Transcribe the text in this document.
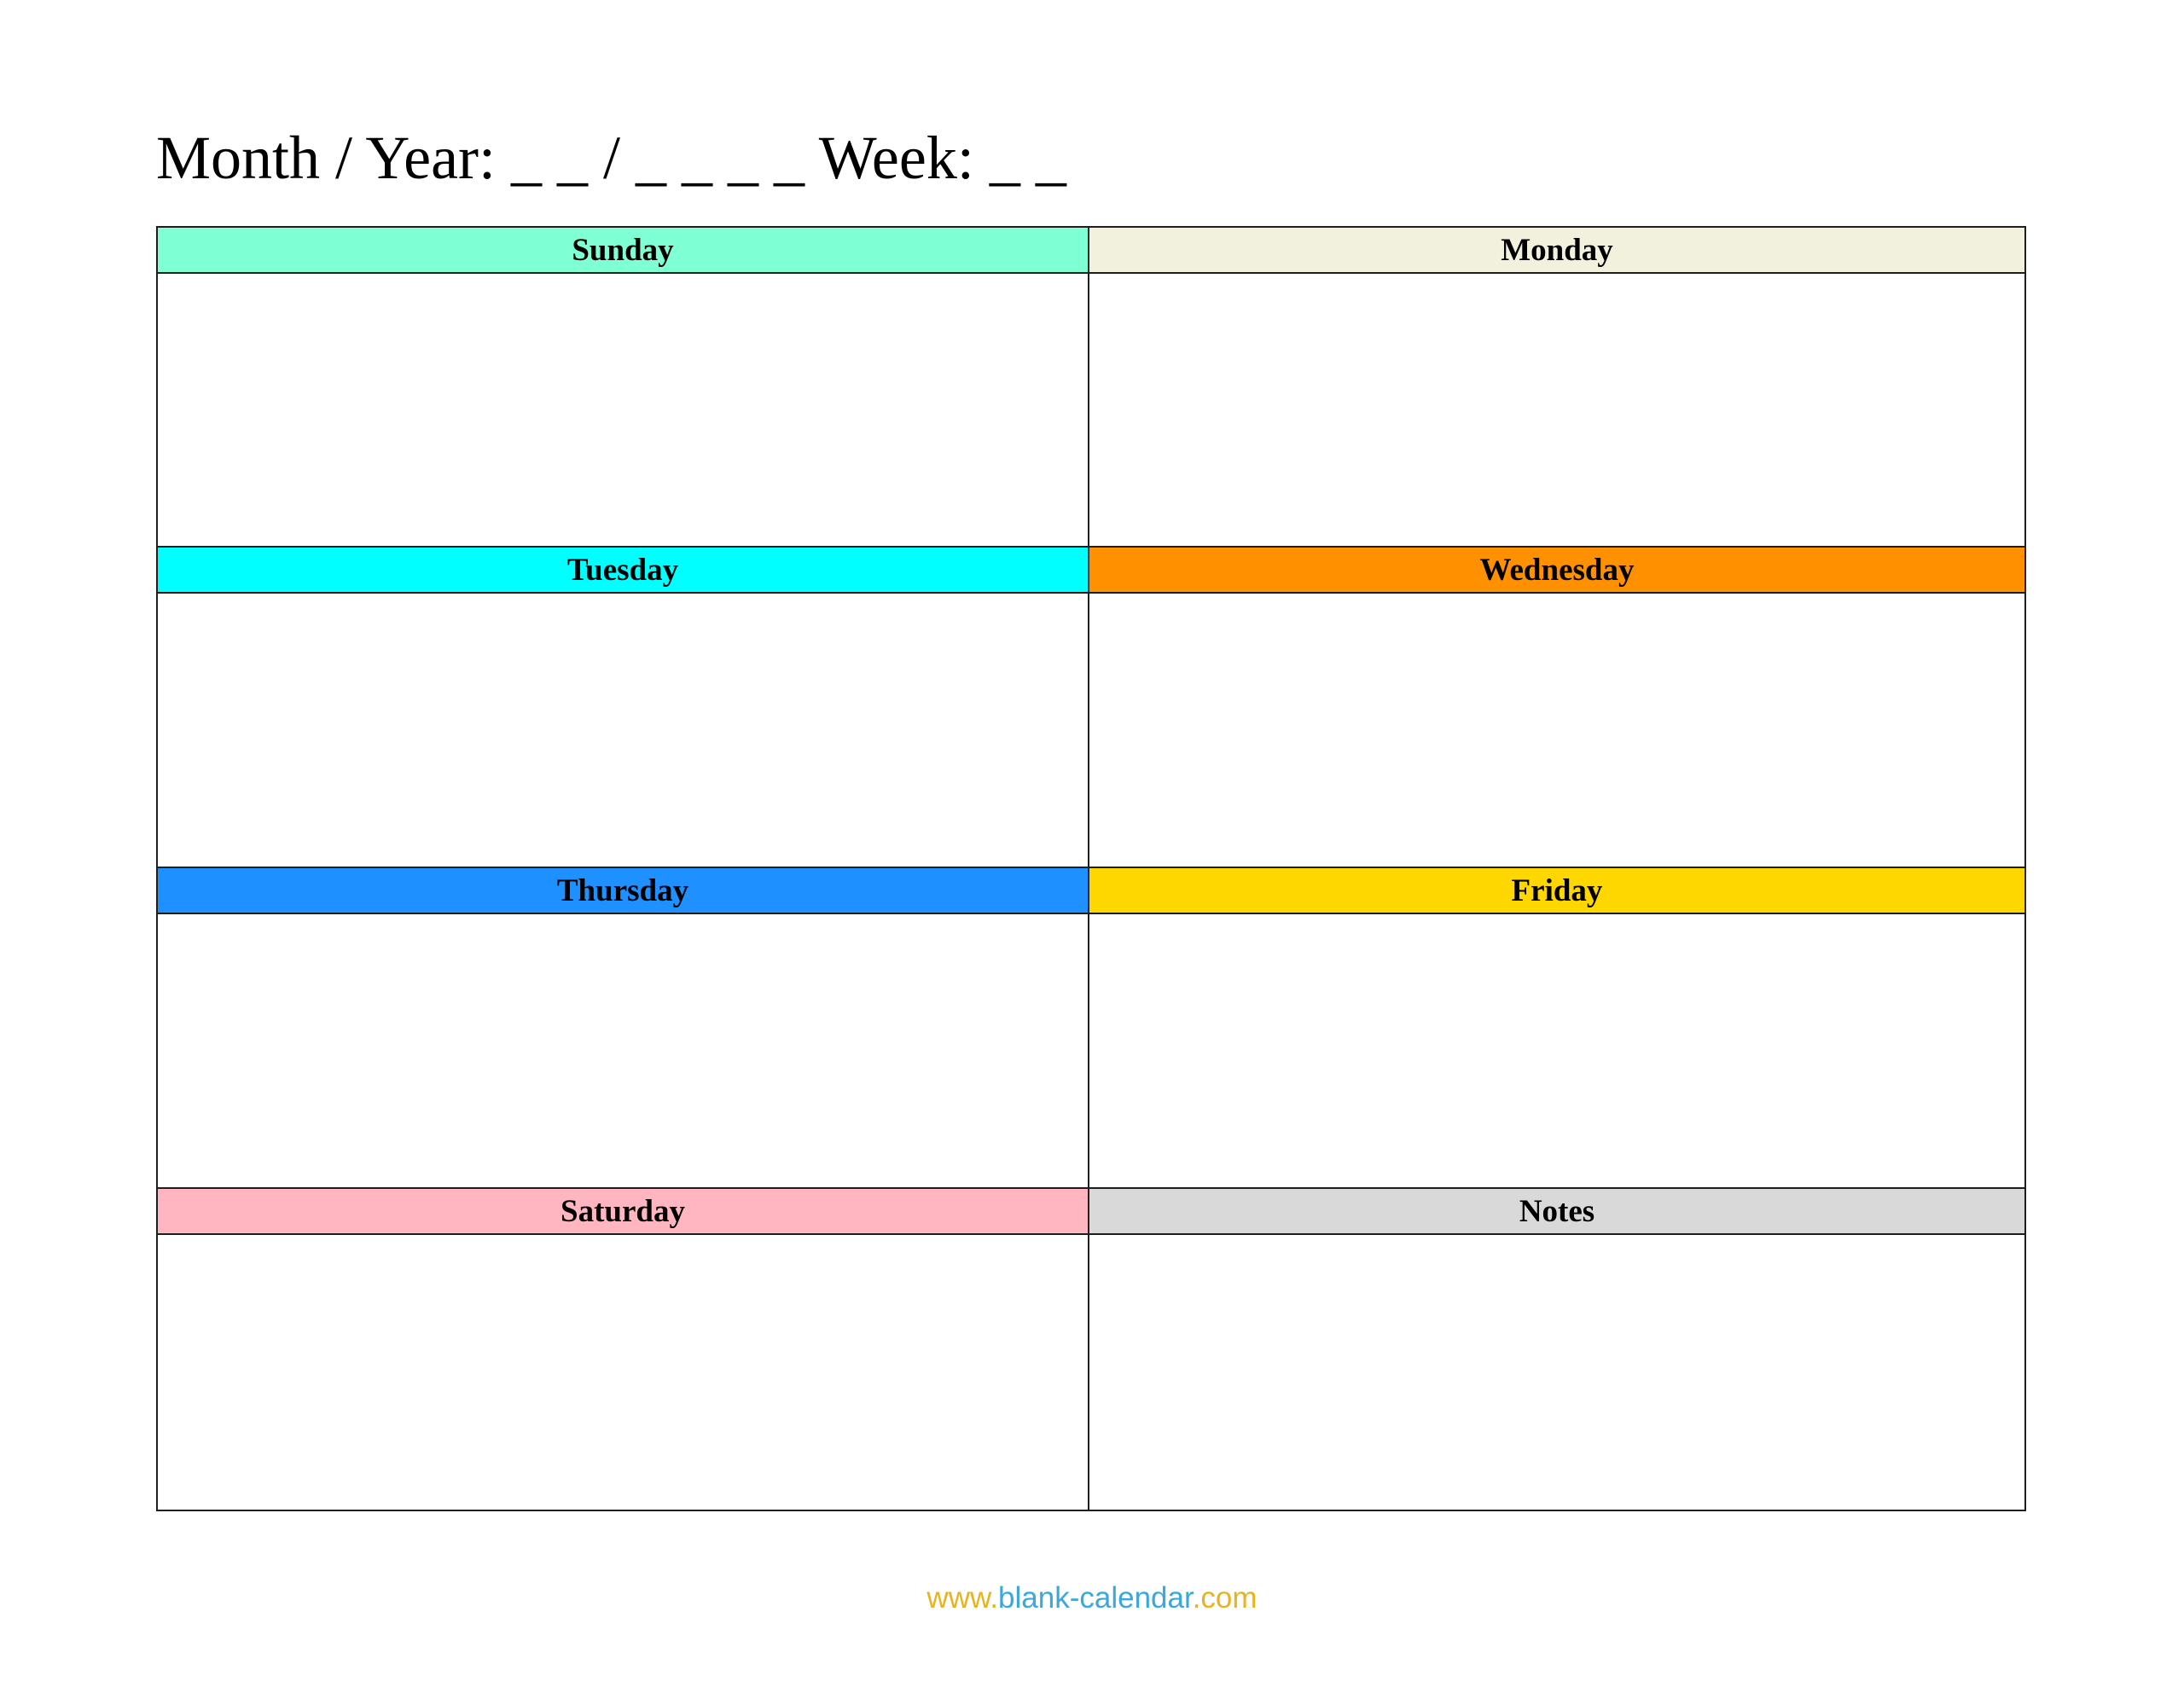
Month / Year: _ _ / _ _ _ _ Week: _ _
Sunday	Monday
Tuesday	Wednesday
Thursday	Friday
Saturday	Notes
www.blank-calendar.com
